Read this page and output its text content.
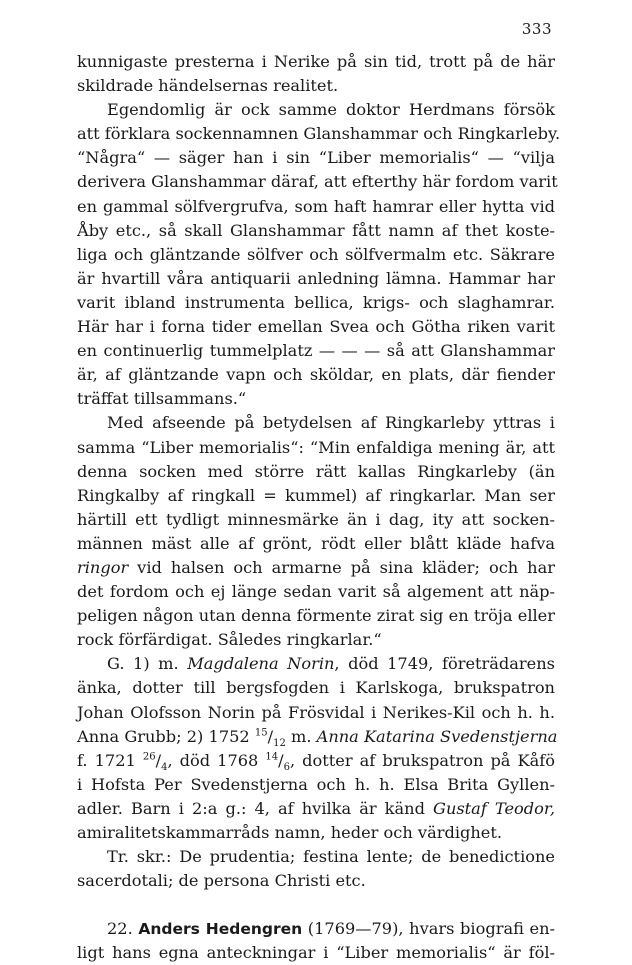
333
kunnigaste presterna i Nerike på sin tid, trott på de här
skildrade händelsernas realitet.
Egendomlig är ock samme doktor Herdmans försök
att förklara sockennamnen Glanshammar och Ringkarleby.
“Några“ — säger han i sin “Liber memorialis“ — “vilja
derivera Glanshammar däraf, att efterthy här fordom varit
en gammal sölfvergrufva, som haft hamrar eller hytta vid
Åby etc., så skall Glanshammar fått namn af thet koste-
liga och gläntzande sölfver och sölfvermalm etc. Säkrare
är hvartill våra antiquarii anledning lämna. Hammar har
varit ibland instrumenta bellica, krigs- och slaghamrar.
Här har i forna tider emellan Svea och Götha riken varit
en continuerlig tummelplatz — — — så att Glanshammar
är, af gläntzande vapn och sköldar, en plats, där fiender
träffat tillsammans.“
Med afseende på betydelsen af Ringkarleby yttras i
samma “Liber memorialis“: “Min enfaldiga mening är, att
denna socken med större rätt kallas Ringkarleby (än
Ringkalby af ringkall = kummel) af ringkarlar. Man ser
härtill ett tydligt minnesmärke än i dag, ity att socken-
männen mäst alle af grönt, rödt eller blått kläde hafva
ringor vid halsen och armarne på sina kläder; och har
det fordom och ej länge sedan varit så algement att näp-
peligen någon utan denna förmente zirat sig en tröja eller
rock förfärdigat. Således ringkarlar.“
G. 1) m. Magdalena Norin, död 1749, företrädarens
änka, dotter till bergsfogden i Karlskoga, brukspatron
Johan Olofsson Norin på Frösvidal i Nerikes-Kil och h. h.
Anna Grubb; 2) 1752 $^{15}/_{12}$ m. Anna Katarina Svedenstjerna
f. 1721 $^{26}/_4$, död 1768 $^{14}/_6$, dotter af brukspatron på Kåfö
i Hofsta Per Svedenstjerna och h. h. Elsa Brita Gyllen-
adler. Barn i 2:a g.: 4, af hvilka är känd Gustaf Teodor,
amiralitetskammarråds namn, heder och värdighet.
Tr. skr.: De prudentia; festina lente; de benedictione
sacerdotali; de persona Christi etc.
22. Anders Hedengren (1769—79), hvars biografi en-
ligt hans egna anteckningar i “Liber memorialis“ är föl-
